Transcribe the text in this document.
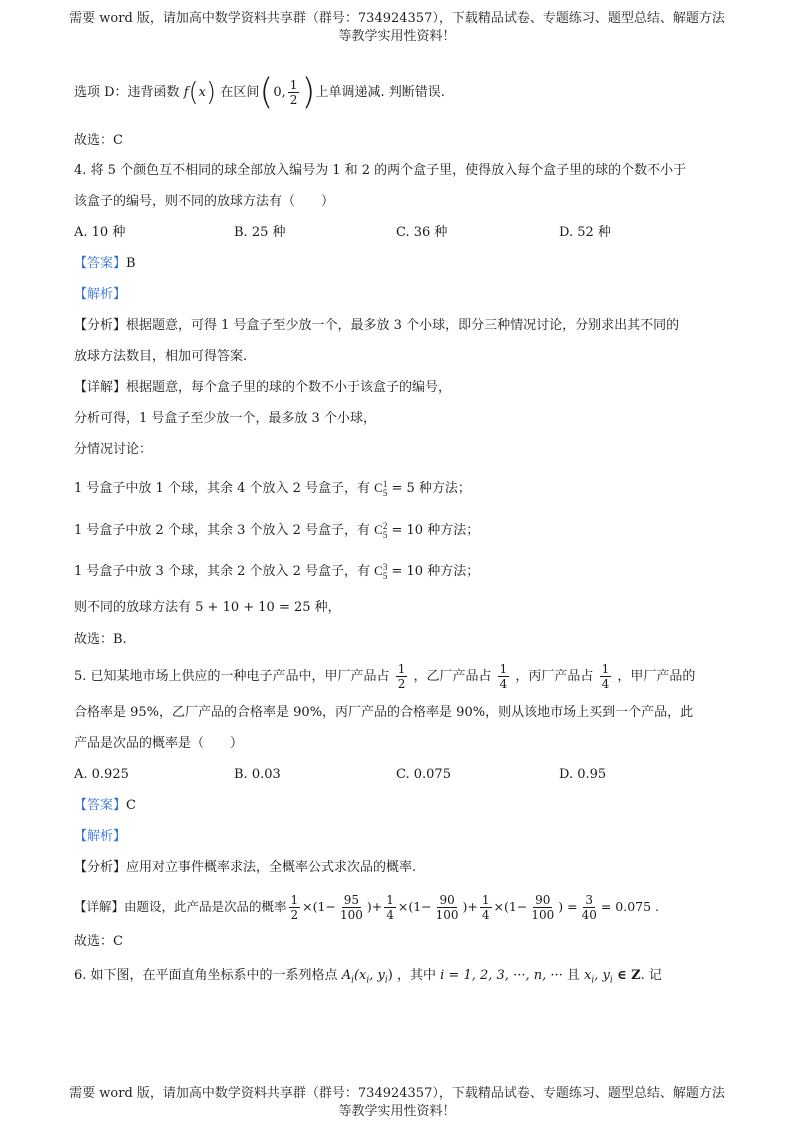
需要 word 版，请加高中数学资料共享群（群号：734924357），下载精品试卷、专题练习、题型总结、解题方法
等教学实用性资料！
选项 D：违背函数 f(x) 在区间(0, $\frac{1}{2}$ )上单调递减. 判断错误.
故选：C
4. 将 5 个颜色互不相同的球全部放入编号为 1 和 2 的两个盒子里，使得放入每个盒子里的球的个数不小于
该盒子的编号，则不同的放球方法有（　　）
A. 10 种	B. 25 种	C. 36 种	D. 52 种
【答案】B
【解析】
【分析】根据题意，可得 1 号盒子至少放一个，最多放 3 个小球，即分三种情况讨论，分别求出其不同的
放球方法数目，相加可得答案.
【详解】根据题意，每个盒子里的球的个数不小于该盒子的编号，
分析可得，1 号盒子至少放一个，最多放 3 个小球，
分情况讨论：
1 号盒子中放 1 个球，其余 4 个放入 2 号盒子，有 C 1
5 = 5 种方法；
1 号盒子中放 2 个球，其余 3 个放入 2 号盒子，有 C 2
5 = 10 种方法；
1 号盒子中放 3 个球，其余 2 个放入 2 号盒子，有 C 3
5 = 10 种方法；
则不同的放球方法有 5 + 10 + 10 = 25 种，
故选：B.
5. 已知某地市场上供应的一种电子产品中，甲厂产品占 $\frac{1}{2}$ ，乙厂产品占 $\frac{1}{4}$ ，丙厂产品占 $\frac{1}{4}$ ，甲厂产品的
合格率是 95%，乙厂产品的合格率是 90%，丙厂产品的合格率是 90%，则从该地市场上买到一个产品，此
产品是次品的概率是（　　）
A. 0.925	B. 0.03	C. 0.075	D. 0.95
【答案】C
【解析】
【分析】应用对立事件概率求法，全概率公式求次品的概率.
【详解】由题设，此产品是次品的概率 $\frac{1}{2} \times(1- \frac{95}{100}$ )+ $\frac{1}{4} \times(1- \frac{90}{100}$ )+ $\frac{1}{4} \times(1- \frac{90}{100}$ ) = $\frac{3}{40} = 0.075$ .
故选：C
6. 如下图，在平面直角坐标系中的一系列格点 $A_i(x_i$, $y_i$) ，其中 i = 1, 2, 3, ···, n, ··· 且 $x_i$, $y_i$ ∈ Z. 记
需要 word 版，请加高中数学资料共享群（群号：734924357），下载精品试卷、专题练习、题型总结、解题方法
等教学实用性资料！
